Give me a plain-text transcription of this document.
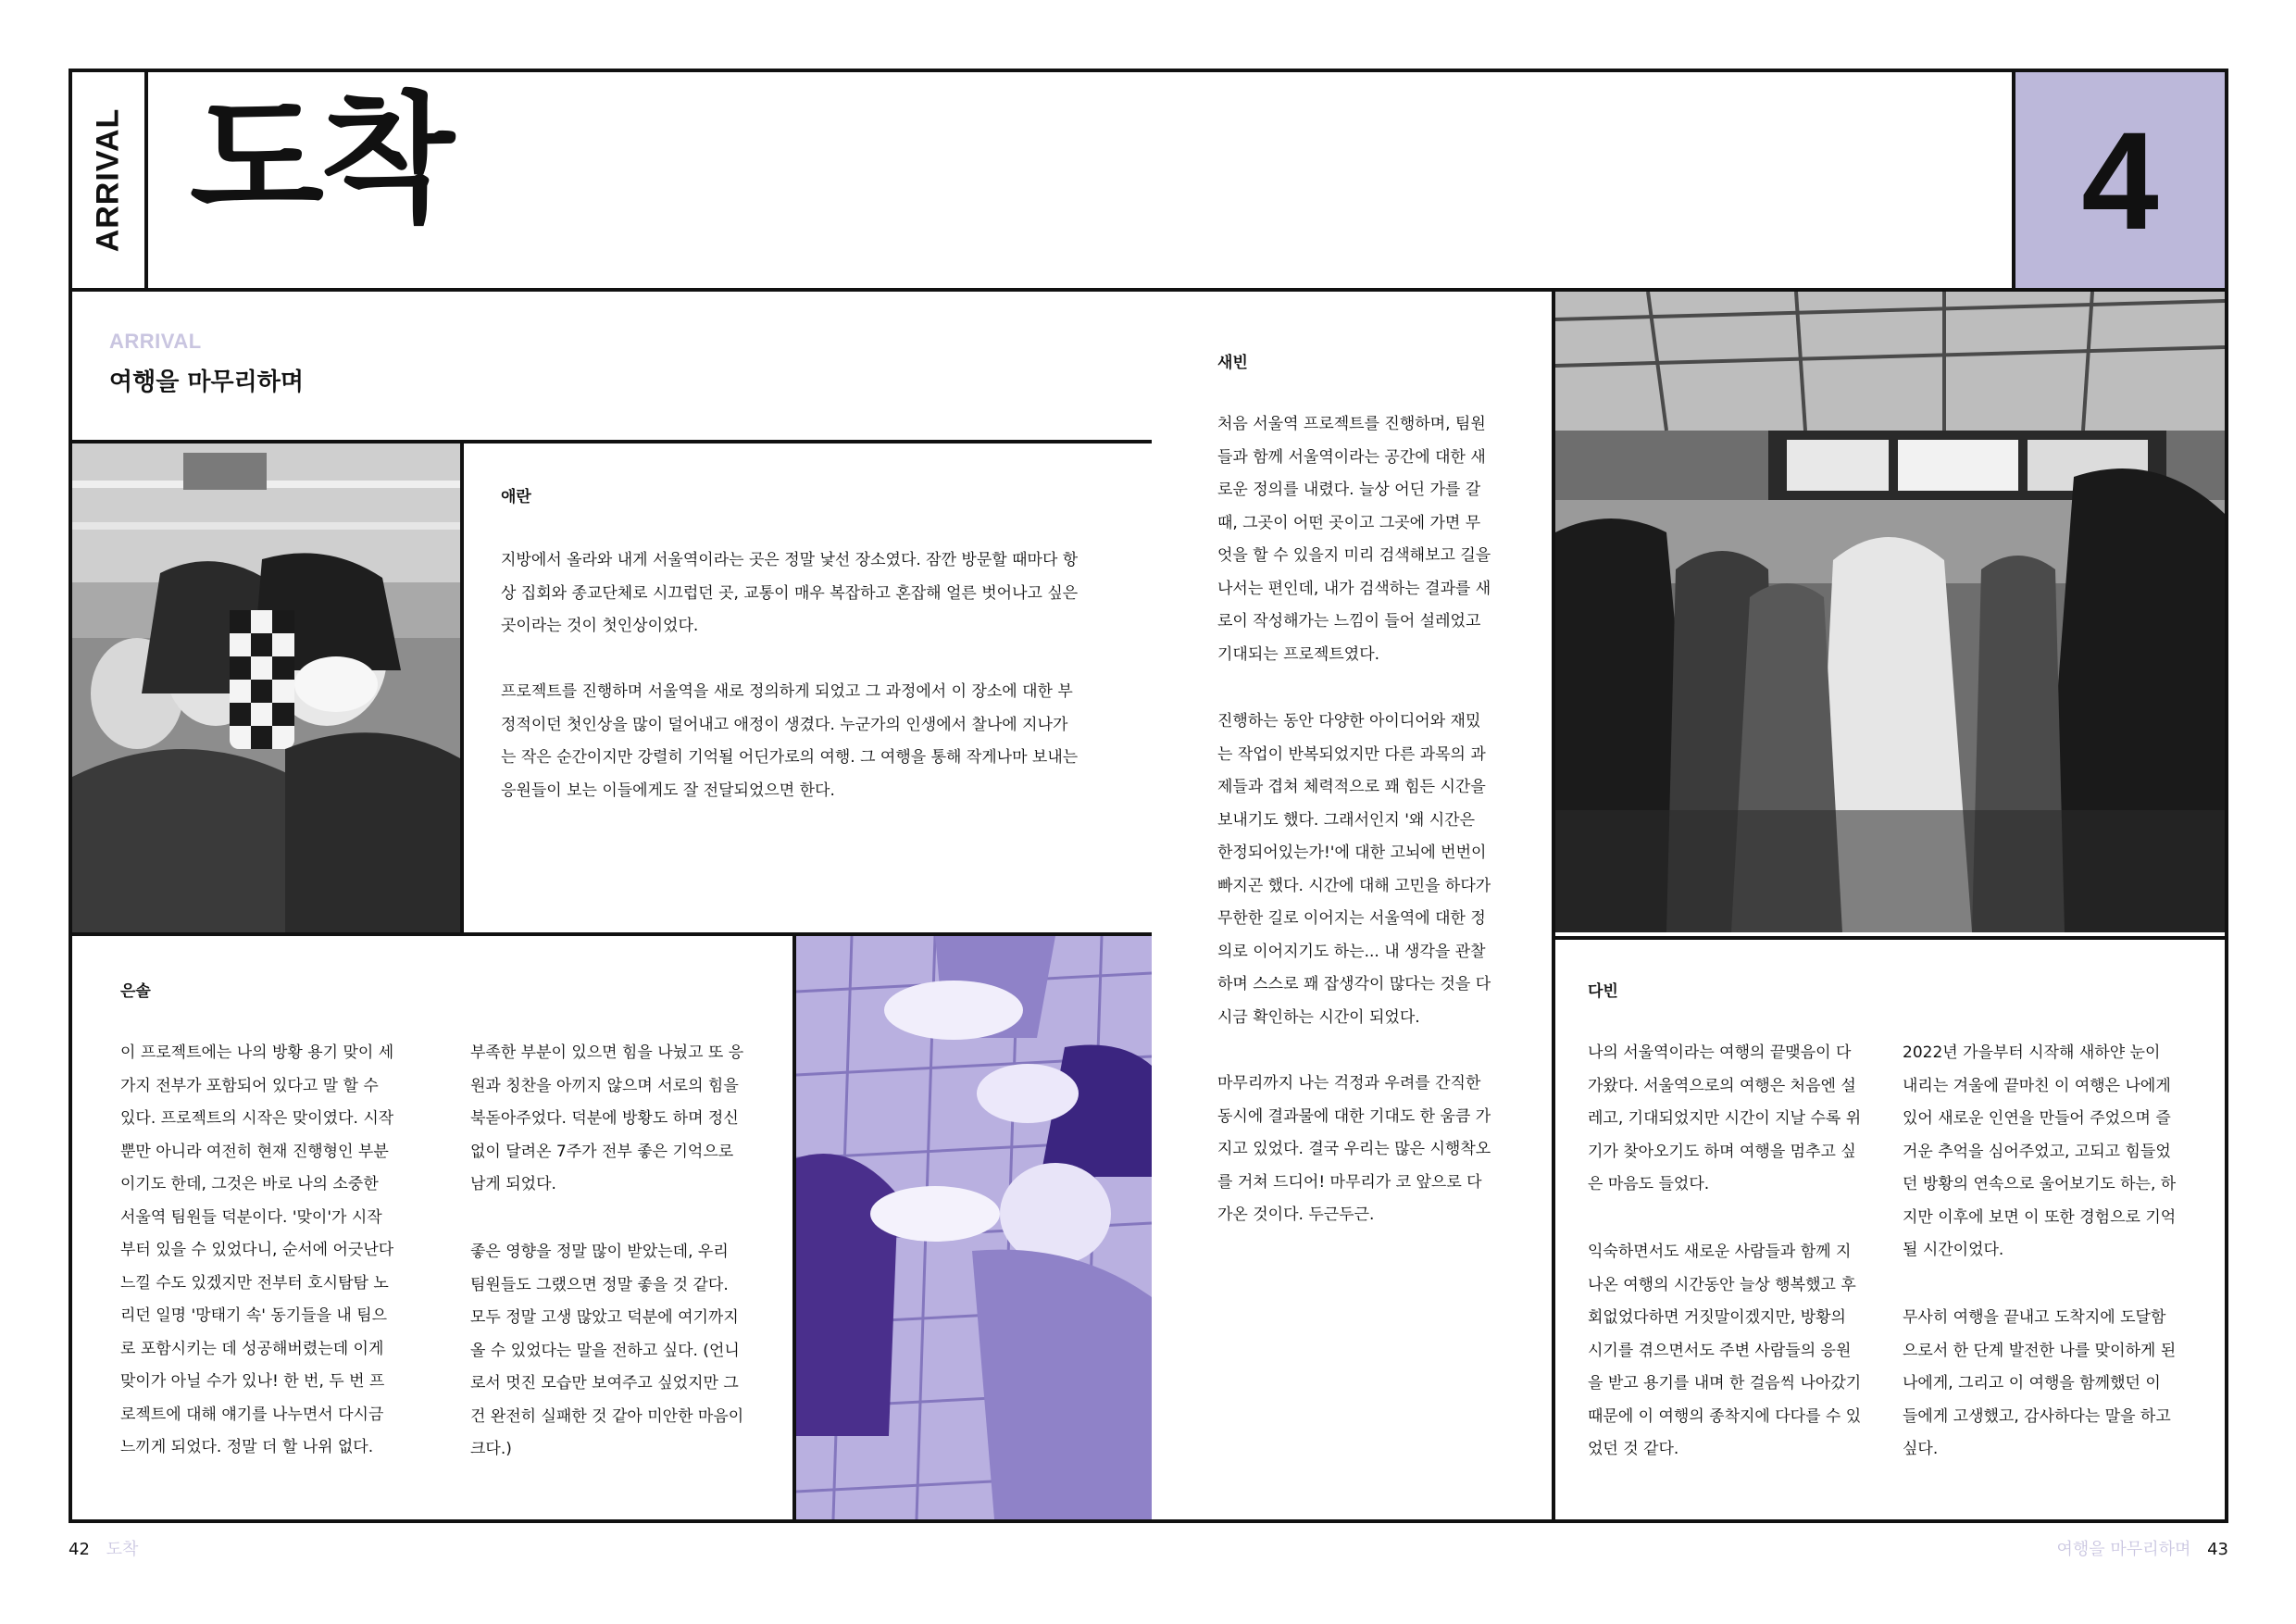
ARRIVAL 도착	4
ARRIVAL
여행을 마무리하며
애란
지방에서 올라와 내게 서울역이라는 곳은 정말 낯선 장소였다. 잠깐 방문할 때마다 항
상 집회와 종교단체로 시끄럽던 곳, 교통이 매우 복잡하고 혼잡해 얼른 벗어나고 싶은
곳이라는 것이 첫인상이었다.
프로젝트를 진행하며 서울역을 새로 정의하게 되었고 그 과정에서 이 장소에 대한 부
정적이던 첫인상을 많이 덜어내고 애정이 생겼다. 누군가의 인생에서 찰나에 지나가
는 작은 순간이지만 강렬히 기억될 어딘가로의 여행. 그 여행을 통해 작게나마 보내는
응원들이 보는 이들에게도 잘 전달되었으면 한다.
새빈
처음 서울역 프로젝트를 진행하며, 팀원
들과 함께 서울역이라는 공간에 대한 새
로운 정의를 내렸다. 늘상 어딘 가를 갈
때, 그곳이 어떤 곳이고 그곳에 가면 무
엇을 할 수 있을지 미리 검색해보고 길을
나서는 편인데, 내가 검색하는 결과를 새
로이 작성해가는 느낌이 들어 설레었고
기대되는 프로젝트였다.
진행하는 동안 다양한 아이디어와 재밌
는 작업이 반복되었지만 다른 과목의 과
제들과 겹쳐 체력적으로 꽤 힘든 시간을
보내기도 했다. 그래서인지 '왜 시간은
한정되어있는가!'에 대한 고뇌에 번번이
빠지곤 했다. 시간에 대해 고민을 하다가
무한한 길로 이어지는 서울역에 대한 정
의로 이어지기도 하는... 내 생각을 관찰
하며 스스로 꽤 잡생각이 많다는 것을 다
시금 확인하는 시간이 되었다.
마무리까지 나는 걱정과 우려를 간직한
동시에 결과물에 대한 기대도 한 움큼 가
지고 있었다. 결국 우리는 많은 시행착오
를 거쳐 드디어! 마무리가 코 앞으로 다
가온 것이다. 두근두근.
은솔
이 프로젝트에는 나의 방황 용기 맞이 세
가지 전부가 포함되어 있다고 말 할 수
있다. 프로젝트의 시작은 맞이였다. 시작
뿐만 아니라 여전히 현재 진행형인 부분
이기도 한데, 그것은 바로 나의 소중한
서울역 팀원들 덕분이다. '맞이'가 시작
부터 있을 수 있었다니, 순서에 어긋난다
느낄 수도 있겠지만 전부터 호시탐탐 노
리던 일명 '망태기 속' 동기들을 내 팀으
로 포함시키는 데 성공해버렸는데 이게
맞이가 아닐 수가 있나! 한 번, 두 번 프
로젝트에 대해 얘기를 나누면서 다시금
느끼게 되었다. 정말 더 할 나위 없다.
부족한 부분이 있으면 힘을 나눴고 또 응
원과 칭찬을 아끼지 않으며 서로의 힘을
북돋아주었다. 덕분에 방황도 하며 정신
없이 달려온 7주가 전부 좋은 기억으로
남게 되었다.
좋은 영향을 정말 많이 받았는데, 우리
팀원들도 그랬으면 정말 좋을 것 같다.
모두 정말 고생 많았고 덕분에 여기까지
올 수 있었다는 말을 전하고 싶다. (언니
로서 멋진 모습만 보여주고 싶었지만 그
건 완전히 실패한 것 같아 미안한 마음이
크다.)
다빈
나의 서울역이라는 여행의 끝맺음이 다
가왔다. 서울역으로의 여행은 처음엔 설
레고, 기대되었지만 시간이 지날 수록 위
기가 찾아오기도 하며 여행을 멈추고 싶
은 마음도 들었다.
익숙하면서도 새로운 사람들과 함께 지
나온 여행의 시간동안 늘상 행복했고 후
회없었다하면 거짓말이겠지만, 방황의
시기를 겪으면서도 주변 사람들의 응원
을 받고 용기를 내며 한 걸음씩 나아갔기
때문에 이 여행의 종착지에 다다를 수 있
었던 것 같다.
2022년 가을부터 시작해 새하얀 눈이
내리는 겨울에 끝마친 이 여행은 나에게
있어 새로운 인연을 만들어 주었으며 즐
거운 추억을 심어주었고, 고되고 힘들었
던 방황의 연속으로 울어보기도 하는, 하
지만 이후에 보면 이 또한 경험으로 기억
될 시간이었다.
무사히 여행을 끝내고 도착지에 도달함
으로서 한 단계 발전한 나를 맞이하게 된
나에게, 그리고 이 여행을 함께했던 이
들에게 고생했고, 감사하다는 말을 하고
싶다.
42 도착	여행을 마무리하며 43
